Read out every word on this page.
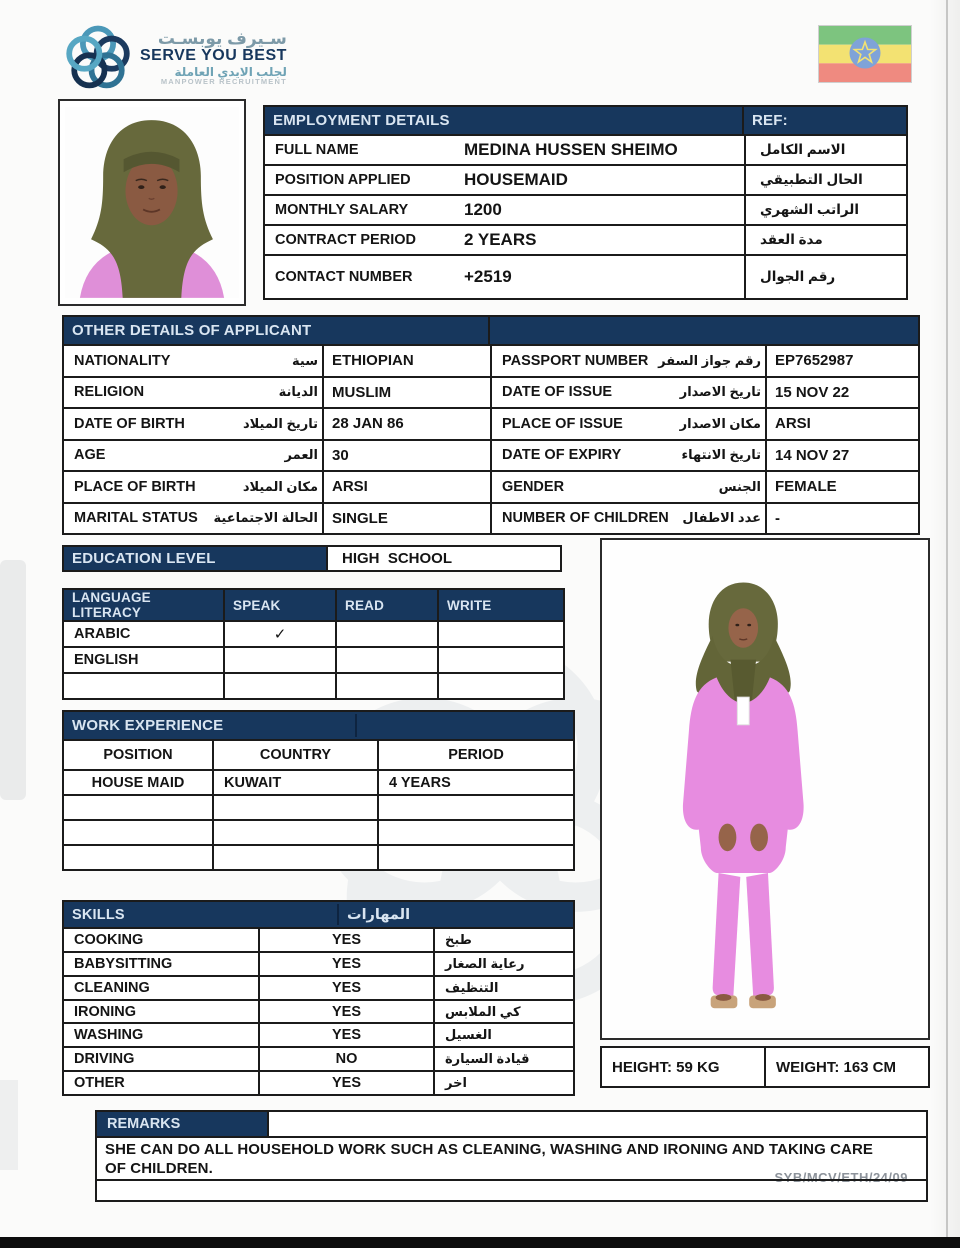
سـيرف يوبسـت
SERVE YOU BEST
لجلب الايدي العاملة
MANPOWER RECRUITMENT
EMPLOYMENT DETAILS	REF:
FULL NAME	MEDINA HUSSEN SHEIMO	الاسم الكامل
POSITION APPLIED	HOUSEMAID	الحال التطبيقي
MONTHLY SALARY	1200	الراتب الشهري
CONTRACT PERIOD	2 YEARS	مدة العقد
CONTACT NUMBER	+2519	رقم الجوال
OTHER DETAILS OF APPLICANT
NATIONALITY	سية ETHIOPIAN
RELIGION	الديانة MUSLIM
DATE OF BIRTH	تاريخ الميلاد 28 JAN 86
AGE	العمر 30
PLACE OF BIRTH	مكان الميلاد ARSI
MARITAL STATUS الحالة الاجتماعية SINGLE
PASSPORT NUMBER رقم جواز السفر EP7652987
DATE OF ISSUE	تاريخ الاصدار 15 NOV 22
PLACE OF ISSUE	مكان الاصدار ARSI
DATE OF EXPIRY	تاريخ الانتهاء 14 NOV 27
GENDER	الجنس FEMALE
NUMBER OF CHILDREN عدد الاطفال -
EDUCATION LEVEL	HIGH  SCHOOL
LANGUAGE LITERACY	SPEAK	READ	WRITE
ARABIC	✓
ENGLISH
WORK EXPERIENCE
POSITION	COUNTRY	PERIOD
HOUSE MAID	KUWAIT	4 YEARS
SKILLS	المهارات
COOKING	YES	طبخ
BABYSITTING	YES	رعاية الصغار
CLEANING	YES	التنظيف
IRONING	YES	كي الملابس
WASHING	YES	الغسيل
DRIVING	NO	قيادة السيارة
OTHER	YES	اخر
HEIGHT: 59 KG	WEIGHT: 163 CM
REMARKS
SHE CAN DO ALL HOUSEHOLD WORK SUCH AS CLEANING, WASHING AND IRONING AND TAKING CARE OF CHILDREN.
SYB/MCV/ETH/24/09
